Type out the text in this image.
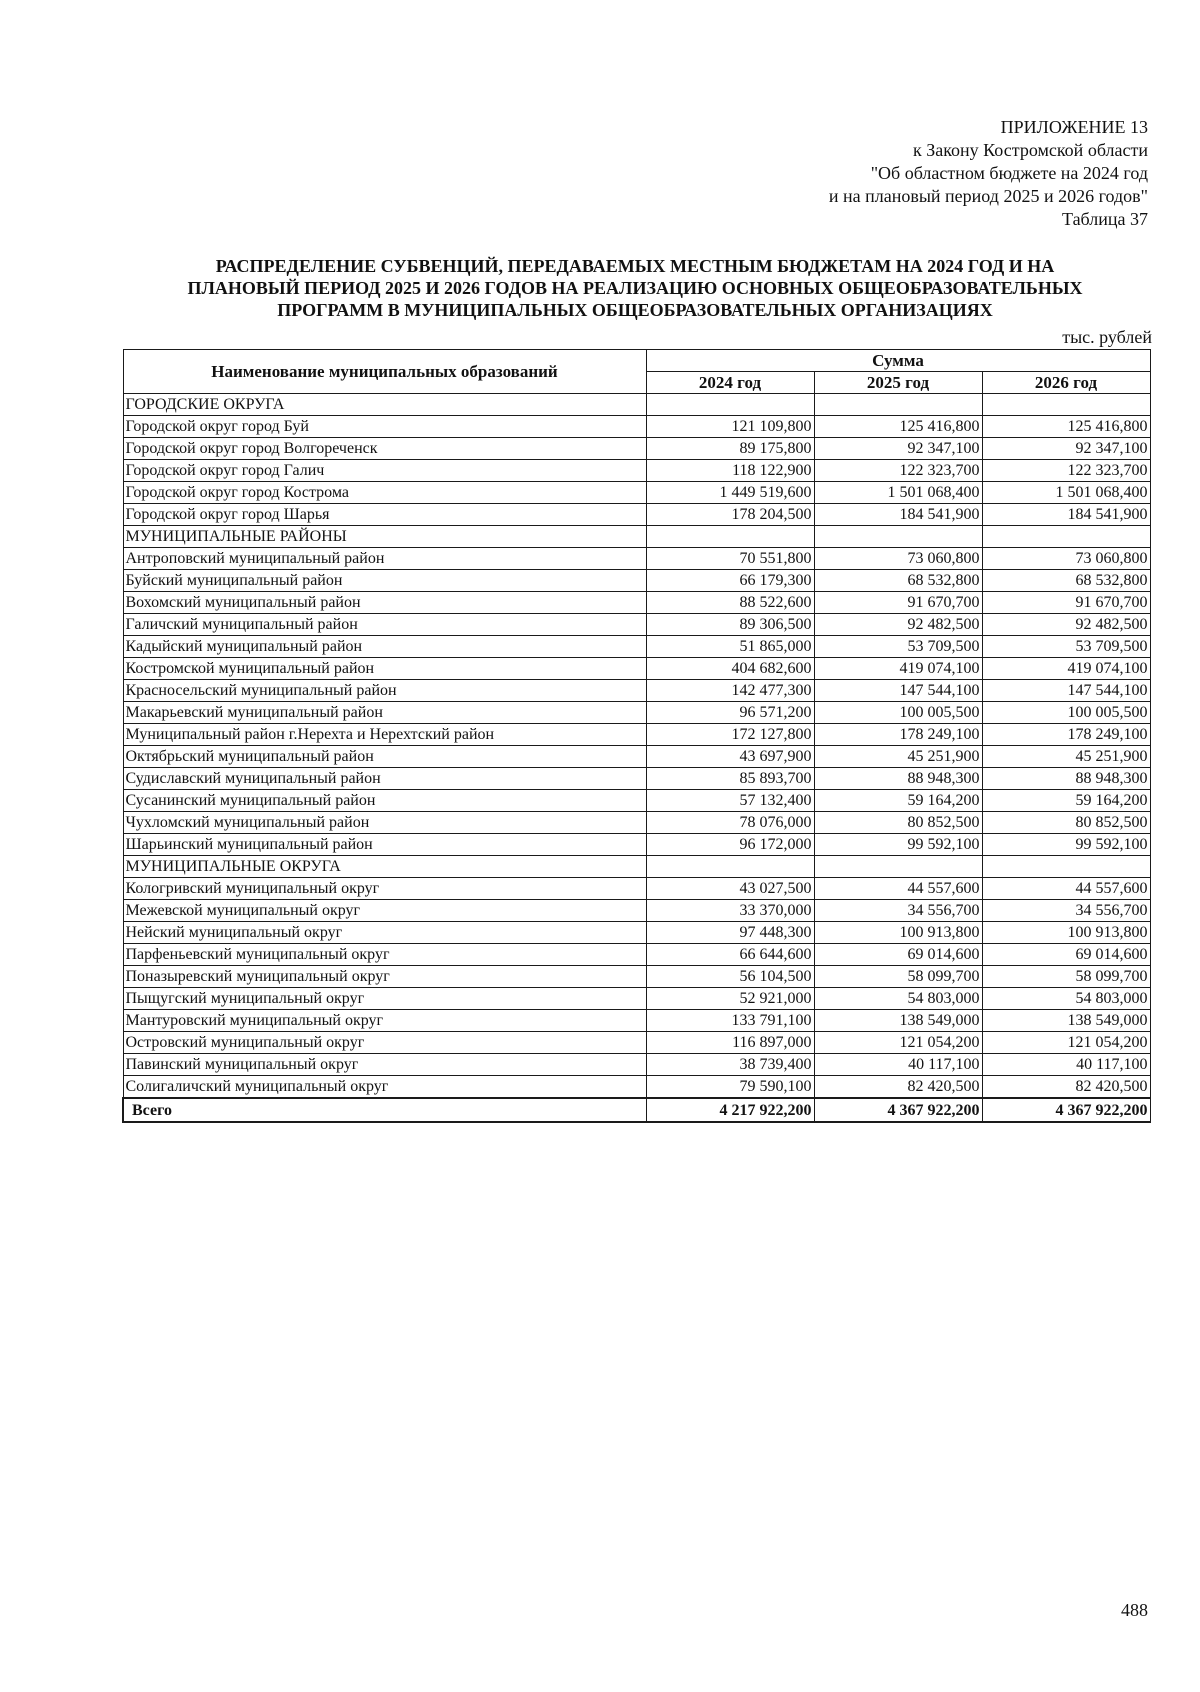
ПРИЛОЖЕНИЕ 13
к Закону Костромской области
"Об областном бюджете на 2024 год
и на плановый период 2025 и 2026 годов"
Таблица 37
РАСПРЕДЕЛЕНИЕ СУБВЕНЦИЙ, ПЕРЕДАВАЕМЫХ МЕСТНЫМ БЮДЖЕТАМ НА 2024 ГОД И НА
ПЛАНОВЫЙ ПЕРИОД 2025 И 2026 ГОДОВ НА РЕАЛИЗАЦИЮ ОСНОВНЫХ ОБЩЕОБРАЗОВАТЕЛЬНЫХ
ПРОГРАММ В МУНИЦИПАЛЬНЫХ ОБЩЕОБРАЗОВАТЕЛЬНЫХ ОРГАНИЗАЦИЯХ
тыс. рублей
Наименование муниципальных образований	Сумма		
	2024 год	2025 год	2026 год
ГОРОДСКИЕ ОКРУГА			
Городской округ город Буй	121 109,800	125 416,800	125 416,800
Городской округ город Волгореченск	89 175,800	92 347,100	92 347,100
Городской округ город Галич	118 122,900	122 323,700	122 323,700
Городской округ город Кострома	1 449 519,600	1 501 068,400	1 501 068,400
Городской округ город Шарья	178 204,500	184 541,900	184 541,900
МУНИЦИПАЛЬНЫЕ РАЙОНЫ			
Антроповский муниципальный район	70 551,800	73 060,800	73 060,800
Буйский муниципальный район	66 179,300	68 532,800	68 532,800
Вохомский муниципальный район	88 522,600	91 670,700	91 670,700
Галичский муниципальный район	89 306,500	92 482,500	92 482,500
Кадыйский муниципальный район	51 865,000	53 709,500	53 709,500
Костромской муниципальный район	404 682,600	419 074,100	419 074,100
Красносельский муниципальный район	142 477,300	147 544,100	147 544,100
Макарьевский муниципальный район	96 571,200	100 005,500	100 005,500
Муниципальный район г.Нерехта и Нерехтский район	172 127,800	178 249,100	178 249,100
Октябрьский муниципальный район	43 697,900	45 251,900	45 251,900
Судиславский муниципальный район	85 893,700	88 948,300	88 948,300
Сусанинский муниципальный район	57 132,400	59 164,200	59 164,200
Чухломский муниципальный район	78 076,000	80 852,500	80 852,500
Шарьинский муниципальный район	96 172,000	99 592,100	99 592,100
МУНИЦИПАЛЬНЫЕ ОКРУГА			
Кологривский муниципальный округ	43 027,500	44 557,600	44 557,600
Межевской муниципальный округ	33 370,000	34 556,700	34 556,700
Нейский муниципальный округ	97 448,300	100 913,800	100 913,800
Парфеньевский муниципальный округ	66 644,600	69 014,600	69 014,600
Поназыревский муниципальный округ	56 104,500	58 099,700	58 099,700
Пыщугский муниципальный округ	52 921,000	54 803,000	54 803,000
Мантуровский муниципальный округ	133 791,100	138 549,000	138 549,000
Островский муниципальный округ	116 897,000	121 054,200	121 054,200
Павинский муниципальный округ	38 739,400	40 117,100	40 117,100
Солигаличский муниципальный округ	79 590,100	82 420,500	82 420,500
Всего	4 217 922,200	4 367 922,200	4 367 922,200
488
